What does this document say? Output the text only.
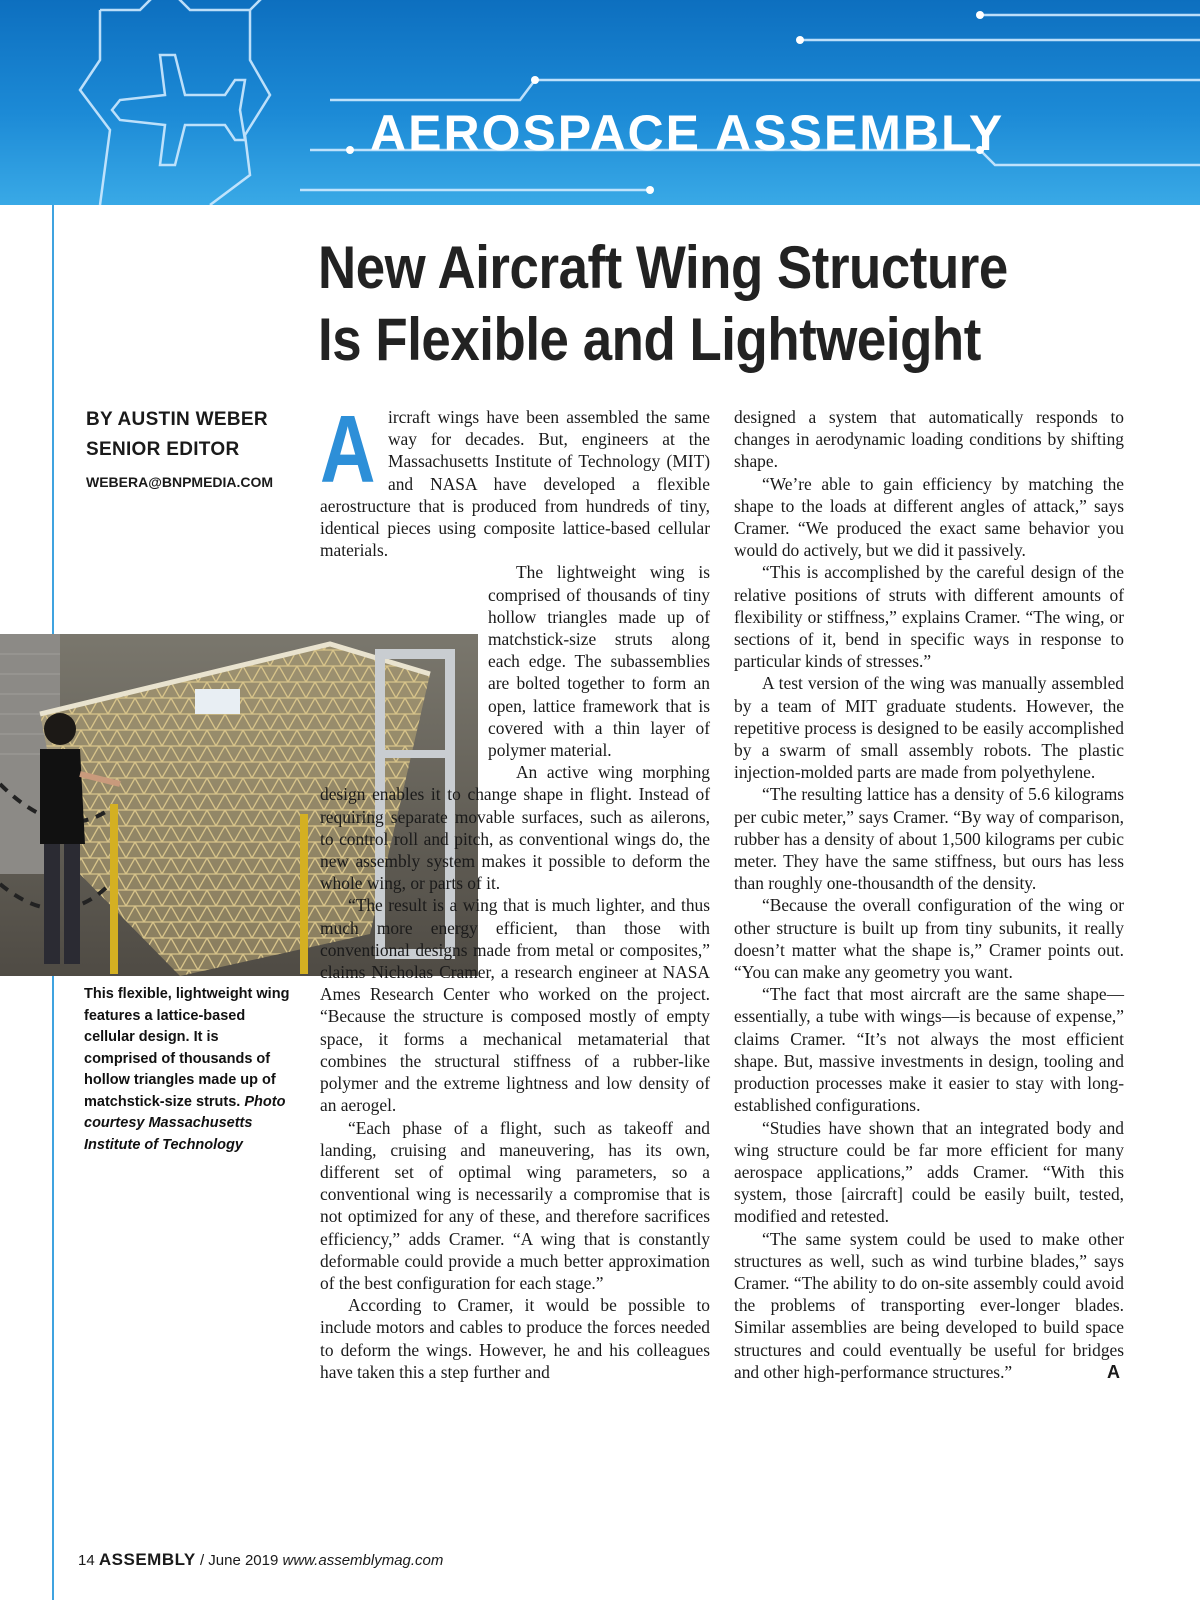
AEROSPACE ASSEMBLY
New Aircraft Wing Structure
Is Flexible and Lightweight
BY AUSTIN WEBER
SENIOR EDITOR
WEBERA@BNPMEDIA.COM
This flexible, lightweight wing features a lattice-based cellular design. It is comprised of thousands of hollow triangles made up of matchstick-size struts. Photo courtesy Massachusetts Institute of Technology
A ircraft wings have been assembled the same way for decades. But, engineers at the Massachusetts Institute of Technology (MIT) and NASA have developed a flexible aerostructure that is produced from hundreds of tiny, identical pieces using composite lattice-based cellular materials.

The lightweight wing is comprised of thousands of tiny hollow triangles made up of matchstick-size struts along each edge. The subassemblies are bolted together to form an open, lattice framework that is covered with a thin layer of polymer material.

An active wing morphing design enables it to change shape in flight. Instead of requiring separate movable surfaces, such as ailerons, to control roll and pitch, as conventional wings do, the new assembly system makes it possible to deform the whole wing, or parts of it.

“The result is a wing that is much lighter, and thus much more energy efficient, than those with conventional designs made from metal or composites,” claims Nicholas Cramer, a research engineer at NASA Ames Research Center who worked on the project. “Because the structure is composed mostly of empty space, it forms a mechanical metamaterial that combines the structural stiffness of a rubber-like polymer and the extreme lightness and low density of an aerogel.

“Each phase of a flight, such as takeoff and landing, cruising and maneuvering, has its own, different set of optimal wing parameters, so a conventional wing is necessarily a compromise that is not optimized for any of these, and therefore sacrifices efficiency,” adds Cramer. “A wing that is constantly deformable could provide a much better approximation of the best configuration for each stage.”

According to Cramer, it would be possible to include motors and cables to produce the forces needed to deform the wings. However, he and his colleagues have taken this a step further and

designed a system that automatically responds to changes in aerodynamic loading conditions by shifting shape.

“We’re able to gain efficiency by matching the shape to the loads at different angles of attack,” says Cramer. “We produced the exact same behavior you would do actively, but we did it passively.

“This is accomplished by the careful design of the relative positions of struts with different amounts of flexibility or stiffness,” explains Cramer. “The wing, or sections of it, bend in specific ways in response to particular kinds of stresses.”

A test version of the wing was manually assembled by a team of MIT graduate students. However, the repetitive process is designed to be easily accomplished by a swarm of small assembly robots. The plastic injection-molded parts are made from polyethylene.

“The resulting lattice has a density of 5.6 kilograms per cubic meter,” says Cramer. “By way of comparison, rubber has a density of about 1,500 kilograms per cubic meter. They have the same stiffness, but ours has less than roughly one-thousandth of the density.

“Because the overall configuration of the wing or other structure is built up from tiny subunits, it really doesn’t matter what the shape is,” Cramer points out. “You can make any geometry you want.

“The fact that most aircraft are the same shape—essentially, a tube with wings—is because of expense,” claims Cramer. “It’s not always the most efficient shape. But, massive investments in design, tooling and production processes make it easier to stay with long-established configurations.

“Studies have shown that an integrated body and wing structure could be far more efficient for many aerospace applications,” adds Cramer. “With this system, those [aircraft] could be easily built, tested, modified and retested.

“The same system could be used to make other structures as well, such as wind turbine blades,” says Cramer. “The ability to do on-site assembly could avoid the problems of transporting ever-longer blades. Similar assemblies are being developed to build space structures and could eventually be useful for bridges and other high-performance structures.”	A

14 ASSEMBLY / June 2019 www.assemblymag.com
